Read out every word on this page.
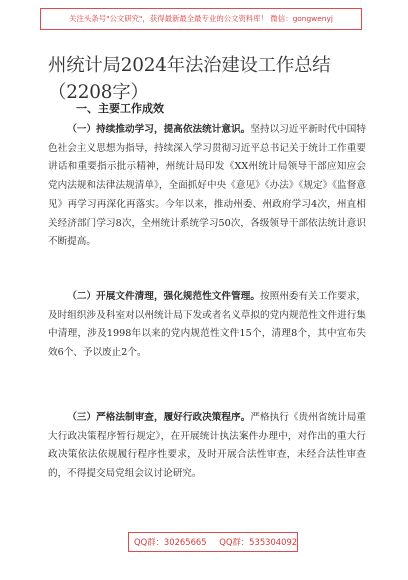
关注头条号"公文研究"，获得最新最全最专业的公文资料库！ 微信：gongwenyj
州统计局2024年法治建设工作总结（2208字）
一、主要工作成效
（一）持续推动学习，提高依法统计意识。坚持以习近平新时代中国特色社会主义思想为指导，持续深入学习贯彻习近平总书记关于统计工作重要讲话和重要指示批示精神，州统计局印发《XX州统计局领导干部应知应会党内法规和法律法规清单》，全面抓好中央《意见》《办法》《规定》《监督意见》再学习再深化再落实。今年以来，推动州委、州政府学习4次，州直相关经济部门学习8次，全州统计系统学习50次，各级领导干部依法统计意识不断提高。
（二）开展文件清理，强化规范性文件管理。按照州委有关工作要求，及时组织涉及科室对以州统计局下发或者名义草拟的党内规范性文件进行集中清理，涉及1998年以来的党内规范性文件15个，清理8个，其中宣布失效6个、予以废止2个。
（三）严格法制审查，履好行政决策程序。严格执行《贵州省统计局重大行政决策程序暂行规定》，在开展统计执法案件办理中，对作出的重大行政决策依法依规履行程序性要求，及时开展合法性审查，未经合法性审查的，不得提交局党组会议讨论研究。
QQ群：30265665 QQ群：535304092
